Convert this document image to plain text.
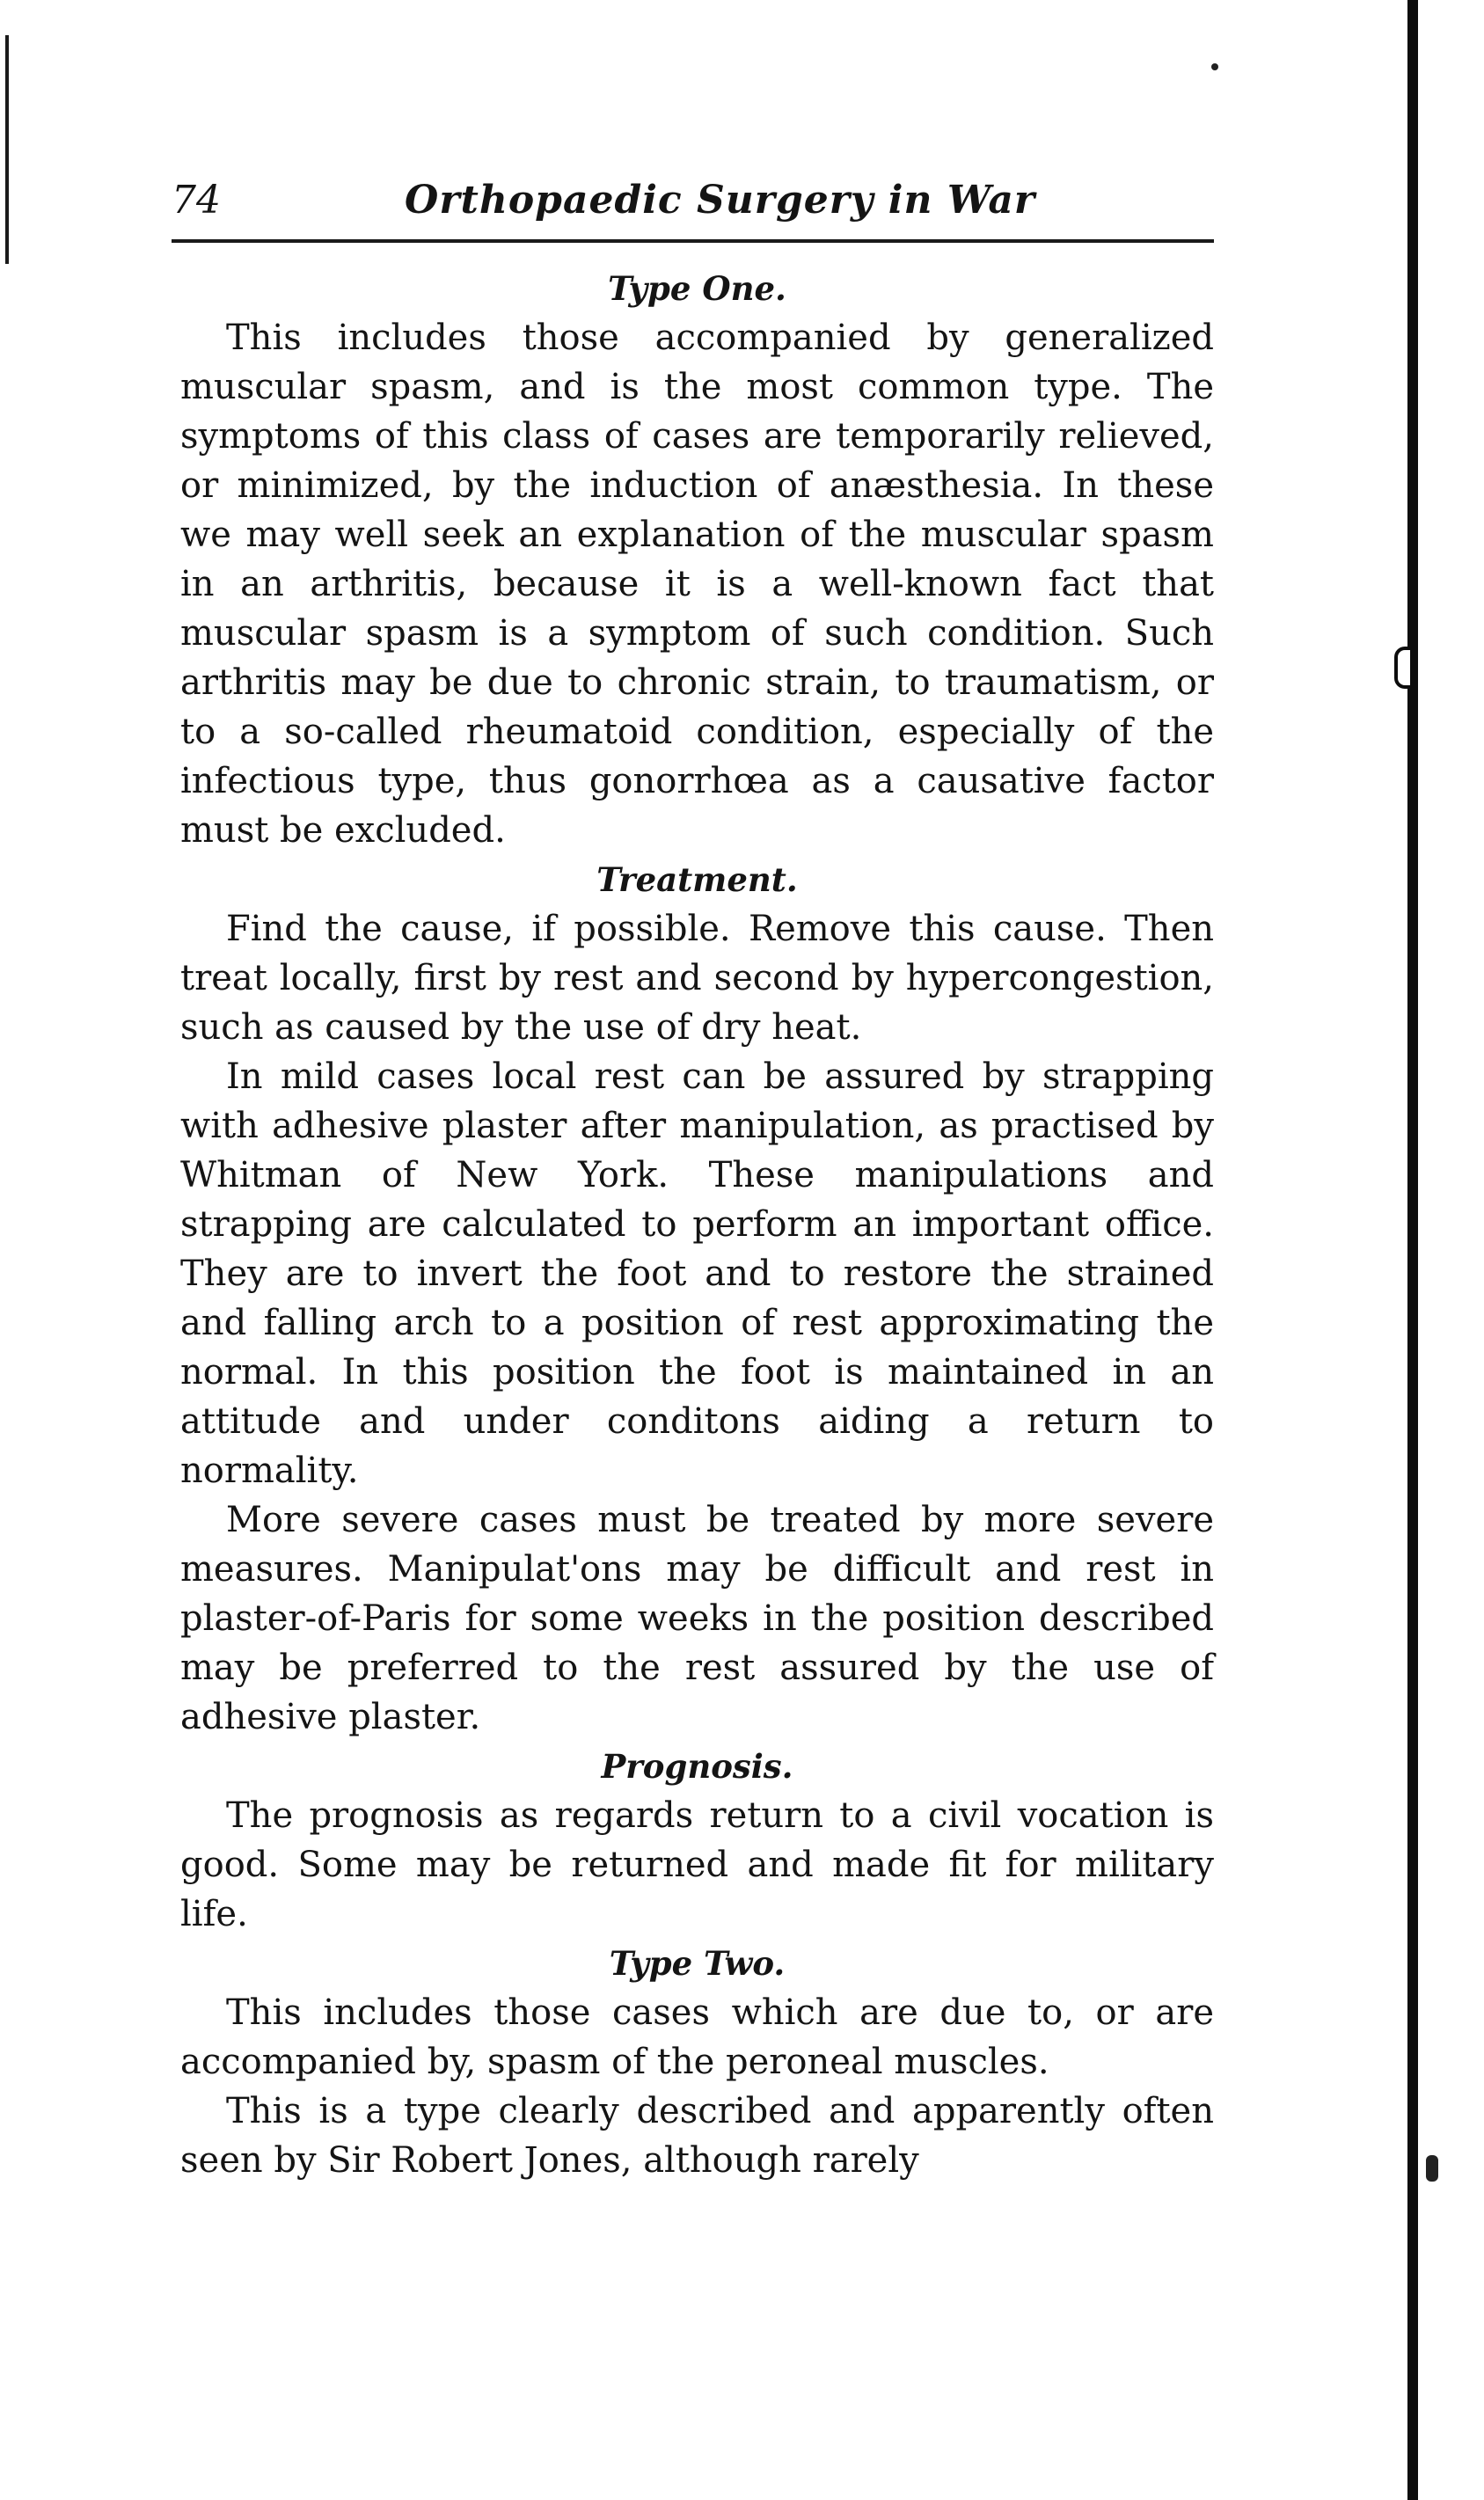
74	Orthopaedic Surgery in War
Type One.

This includes those accompanied by generalized muscular spasm, and is the most common type. The symptoms of this class of cases are temporarily relieved, or minimized, by the induction of anæsthesia. In these we may well seek an explanation of the muscular spasm in an arthritis, because it is a well-known fact that muscular spasm is a symptom of such condition. Such arthritis may be due to chronic strain, to traumatism, or to a so-called rheumatoid condition, especially of the infectious type, thus gonorrhœa as a causative factor must be excluded.

Treatment.

Find the cause, if possible. Remove this cause. Then treat locally, first by rest and second by hypercongestion, such as caused by the use of dry heat.

In mild cases local rest can be assured by strapping with adhesive plaster after manipulation, as practised by Whitman of New York. These manipulations and strapping are calculated to perform an important office. They are to invert the foot and to restore the strained and falling arch to a position of rest approximating the normal. In this position the foot is maintained in an attitude and under conditons aiding a return to normality.

More severe cases must be treated by more severe measures. Manipulat'ons may be difficult and rest in plaster-of-Paris for some weeks in the position described may be preferred to the rest assured by the use of adhesive plaster.

Prognosis.

The prognosis as regards return to a civil vocation is good. Some may be returned and made fit for military life.

Type Two.

This includes those cases which are due to, or are accompanied by, spasm of the peroneal muscles.

This is a type clearly described and apparently often seen by Sir Robert Jones, although rarely
